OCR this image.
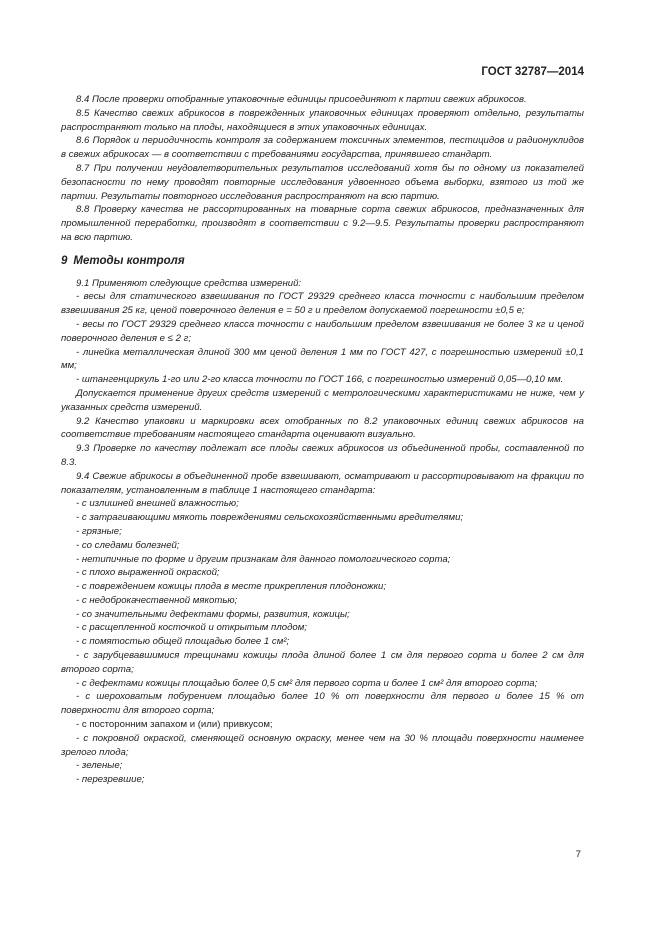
ГОСТ 32787—2014

8.4 После проверки отобранные упаковочные единицы присоединяют к партии свежих абрикосов.

8.5 Качество свежих абрикосов в поврежденных упаковочных единицах проверяют отдельно, результаты распространяют только на плоды, находящиеся в этих упаковочных единицах.

8.6 Порядок и периодичность контроля за содержанием токсичных элементов, пестицидов и радионуклидов в свежих абрикосах — в соответствии с требованиями государства, принявшего стандарт.

8.7 При получении неудовлетворительных результатов исследований хотя бы по одному из показателей безопасности по нему проводят повторные исследования удвоенного объема выборки, взятого из той же партии. Результаты повторного исследования распространяют на всю партию.

8.8 Проверку качества не рассортированных на товарные сорта свежих абрикосов, предназначенных для промышленной переработки, производят в соответствии с 9.2—9.5. Результаты проверки распространяют на всю партию.

9 Методы контроля

9.1 Применяют следующие средства измерений:

- весы для статического взвешивания по ГОСТ 29329 среднего класса точности с наибольшим пределом взвешивания 25 кг, ценой поверочного деления e = 50 г и пределом допускаемой погрешности ±0,5 e;

- весы по ГОСТ 29329 среднего класса точности с наибольшим пределом взвешивания не более 3 кг и ценой поверочного деления e ≤ 2 г;

- линейка металлическая длиной 300 мм ценой деления 1 мм по ГОСТ 427, с погрешностью измерений ±0,1 мм;

- штангенциркуль 1-го или 2-го класса точности по ГОСТ 166, с погрешностью измерений 0,05—0,10 мм.

Допускается применение других средств измерений с метрологическими характеристиками не ниже, чем у указанных средств измерений.

9.2 Качество упаковки и маркировки всех отобранных по 8.2 упаковочных единиц свежих абрикосов на соответствие требованиям настоящего стандарта оценивают визуально.

9.3 Проверке по качеству подлежат все плоды свежих абрикосов из объединенной пробы, составленной по 8.3.

9.4 Свежие абрикосы в объединенной пробе взвешивают, осматривают и рассортировывают на фракции по показателям, установленным в таблице 1 настоящего стандарта:

- с излишней внешней влажностью;

- с затрагивающими мякоть повреждениями сельскохозяйственными вредителями;

- грязные;

- со следами болезней;

- нетипичные по форме и другим признакам для данного помологического сорта;

- с плохо выраженной окраской;

- с повреждением кожицы плода в месте прикрепления плодоножки;

- с недоброкачественной мякотью;

- со значительными дефектами формы, развития, кожицы;

- с расщепленной косточкой и открытым плодом;

- с помятостью общей площадью более 1 см²;

- с зарубцевавшимися трещинами кожицы плода длиной более 1 см для первого сорта и более 2 см для второго сорта;

- с дефектами кожицы площадью более 0,5 см² для первого сорта и более 1 см² для второго сорта;

- с шероховатым побурением площадью более 10 % от поверхности для первого и более 15 % от поверхности для второго сорта;

- с посторонним запахом и (или) привкусом;

- с покровной окраской, сменяющей основную окраску, менее чем на 30 % площади поверхности наименее зрелого плода;

- зеленые;

- перезревшие;

7
